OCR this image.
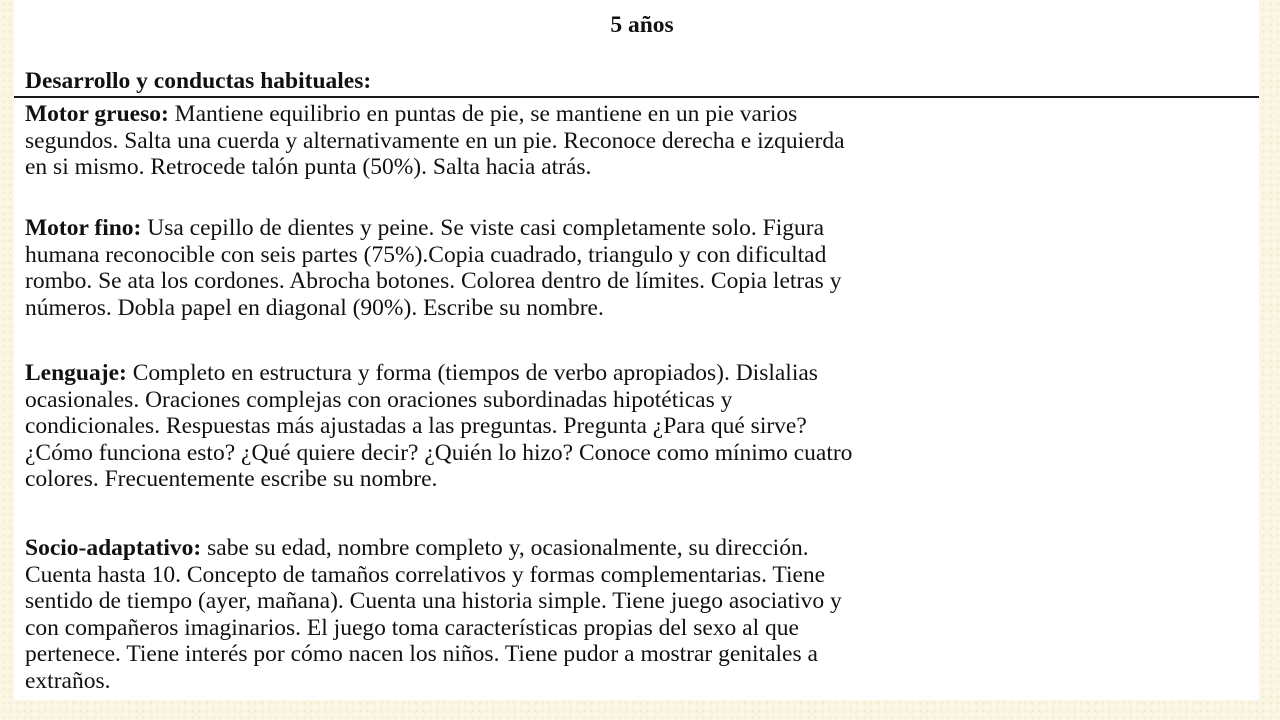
5 años
Desarrollo y conductas habituales:

Motor grueso: Mantiene equilibrio en puntas de pie, se mantiene en un pie varios
segundos. Salta una cuerda y alternativamente en un pie. Reconoce derecha e izquierda
en si mismo. Retrocede talón punta (50%). Salta hacia atrás.

Motor fino: Usa cepillo de dientes y peine. Se viste casi completamente solo. Figura
humana reconocible con seis partes (75%).Copia cuadrado, triangulo y con dificultad
rombo. Se ata los cordones. Abrocha botones. Colorea dentro de límites. Copia letras y
números. Dobla papel en diagonal (90%). Escribe su nombre.

Lenguaje: Completo en estructura y forma (tiempos de verbo apropiados). Dislalias
ocasionales. Oraciones complejas con oraciones subordinadas hipotéticas y
condicionales. Respuestas más ajustadas a las preguntas. Pregunta ¿Para qué sirve?
¿Cómo funciona esto? ¿Qué quiere decir? ¿Quién lo hizo? Conoce como mínimo cuatro
colores. Frecuentemente escribe su nombre.

Socio-adaptativo: sabe su edad, nombre completo y, ocasionalmente, su dirección.
Cuenta hasta 10. Concepto de tamaños correlativos y formas complementarias. Tiene
sentido de tiempo (ayer, mañana). Cuenta una historia simple. Tiene juego asociativo y
con compañeros imaginarios. El juego toma características propias del sexo al que
pertenece. Tiene interés por cómo nacen los niños. Tiene pudor a mostrar genitales a
extraños.
